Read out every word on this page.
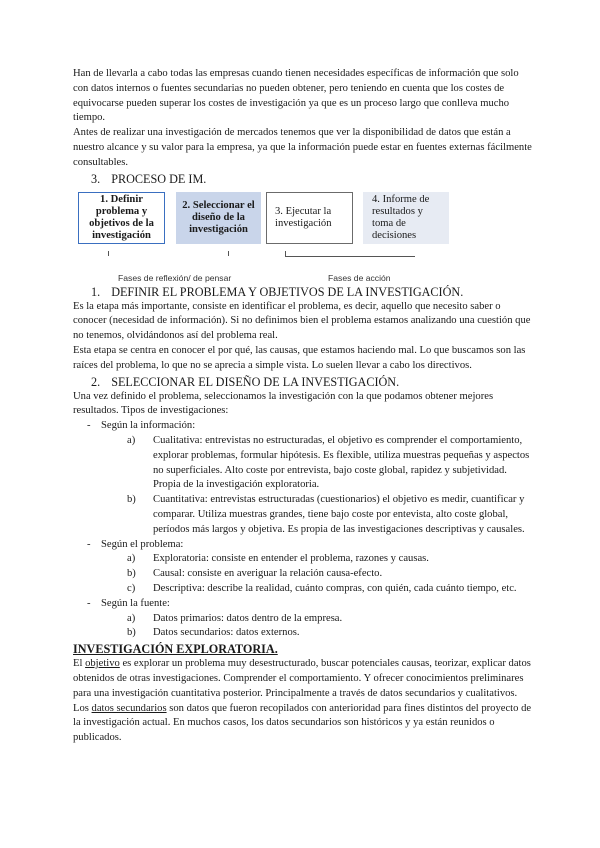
Han de llevarla a cabo todas las empresas cuando tienen necesidades específicas de información que solo con datos internos o fuentes secundarias no pueden obtener, pero teniendo en cuenta que los costes de equivocarse pueden superar los costes de investigación ya que es un proceso largo que conlleva mucho tiempo.

Antes de realizar una investigación de mercados tenemos que ver la disponibilidad de datos que están a nuestro alcance y su valor para la empresa, ya que la información puede estar en fuentes externas fácilmente consultables.

3. PROCESO DE IM.

1. Definir problema y objetivos de la investigación
2. Seleccionar el diseño de la investigación
3. Ejecutar la investigación
4. Informe de resultados y toma de decisiones
Fases de reflexión/ de pensar	Fases de acción

1. DEFINIR EL PROBLEMA Y OBJETIVOS DE LA INVESTIGACIÓN.

Es la etapa más importante, consiste en identificar el problema, es decir, aquello que necesito saber o conocer (necesidad de información). Si no definimos bien el problema estamos analizando una cuestión que no tenemos, olvidándonos así del problema real.

Esta etapa se centra en conocer el por qué, las causas, que estamos haciendo mal. Lo que buscamos son las raíces del problema, lo que no se aprecia a simple vista. Lo suelen llevar a cabo los directivos.

2. SELECCIONAR EL DISEÑO DE LA INVESTIGACIÓN.

Una vez definido el problema, seleccionamos la investigación con la que podamos obtener mejores resultados. Tipos de investigaciones:

- Según la información:
a) Cualitativa: entrevistas no estructuradas, el objetivo es comprender el comportamiento, explorar problemas, formular hipótesis. Es flexible, utiliza muestras pequeñas y aspectos no superficiales. Alto coste por entrevista, bajo coste global, rapidez y subjetividad. Propia de la investigación exploratoria.
b) Cuantitativa: entrevistas estructuradas (cuestionarios) el objetivo es medir, cuantificar y comparar. Utiliza muestras grandes, tiene bajo coste por entevista, alto coste global, períodos más largos y objetiva. Es propia de las investigaciones descriptivas y causales.
- Según el problema:
a) Exploratoria: consiste en entender el problema, razones y causas.
b) Causal: consiste en averiguar la relación causa-efecto.
c) Descriptiva: describe la realidad, cuánto compras, con quién, cada cuánto tiempo, etc.
- Según la fuente:
a) Datos primarios: datos dentro de la empresa.
b) Datos secundarios: datos externos.

INVESTIGACIÓN EXPLORATORIA.

El objetivo es explorar un problema muy desestructurado, buscar potenciales causas, teorizar, explicar datos obtenidos de otras investigaciones. Comprender el comportamiento. Y ofrecer conocimientos preliminares para una investigación cuantitativa posterior. Principalmente a través de datos secundarios y cualitativos.

Los datos secundarios son datos que fueron recopilados con anterioridad para fines distintos del proyecto de la investigación actual. En muchos casos, los datos secundarios son históricos y ya están reunidos o publicados.
